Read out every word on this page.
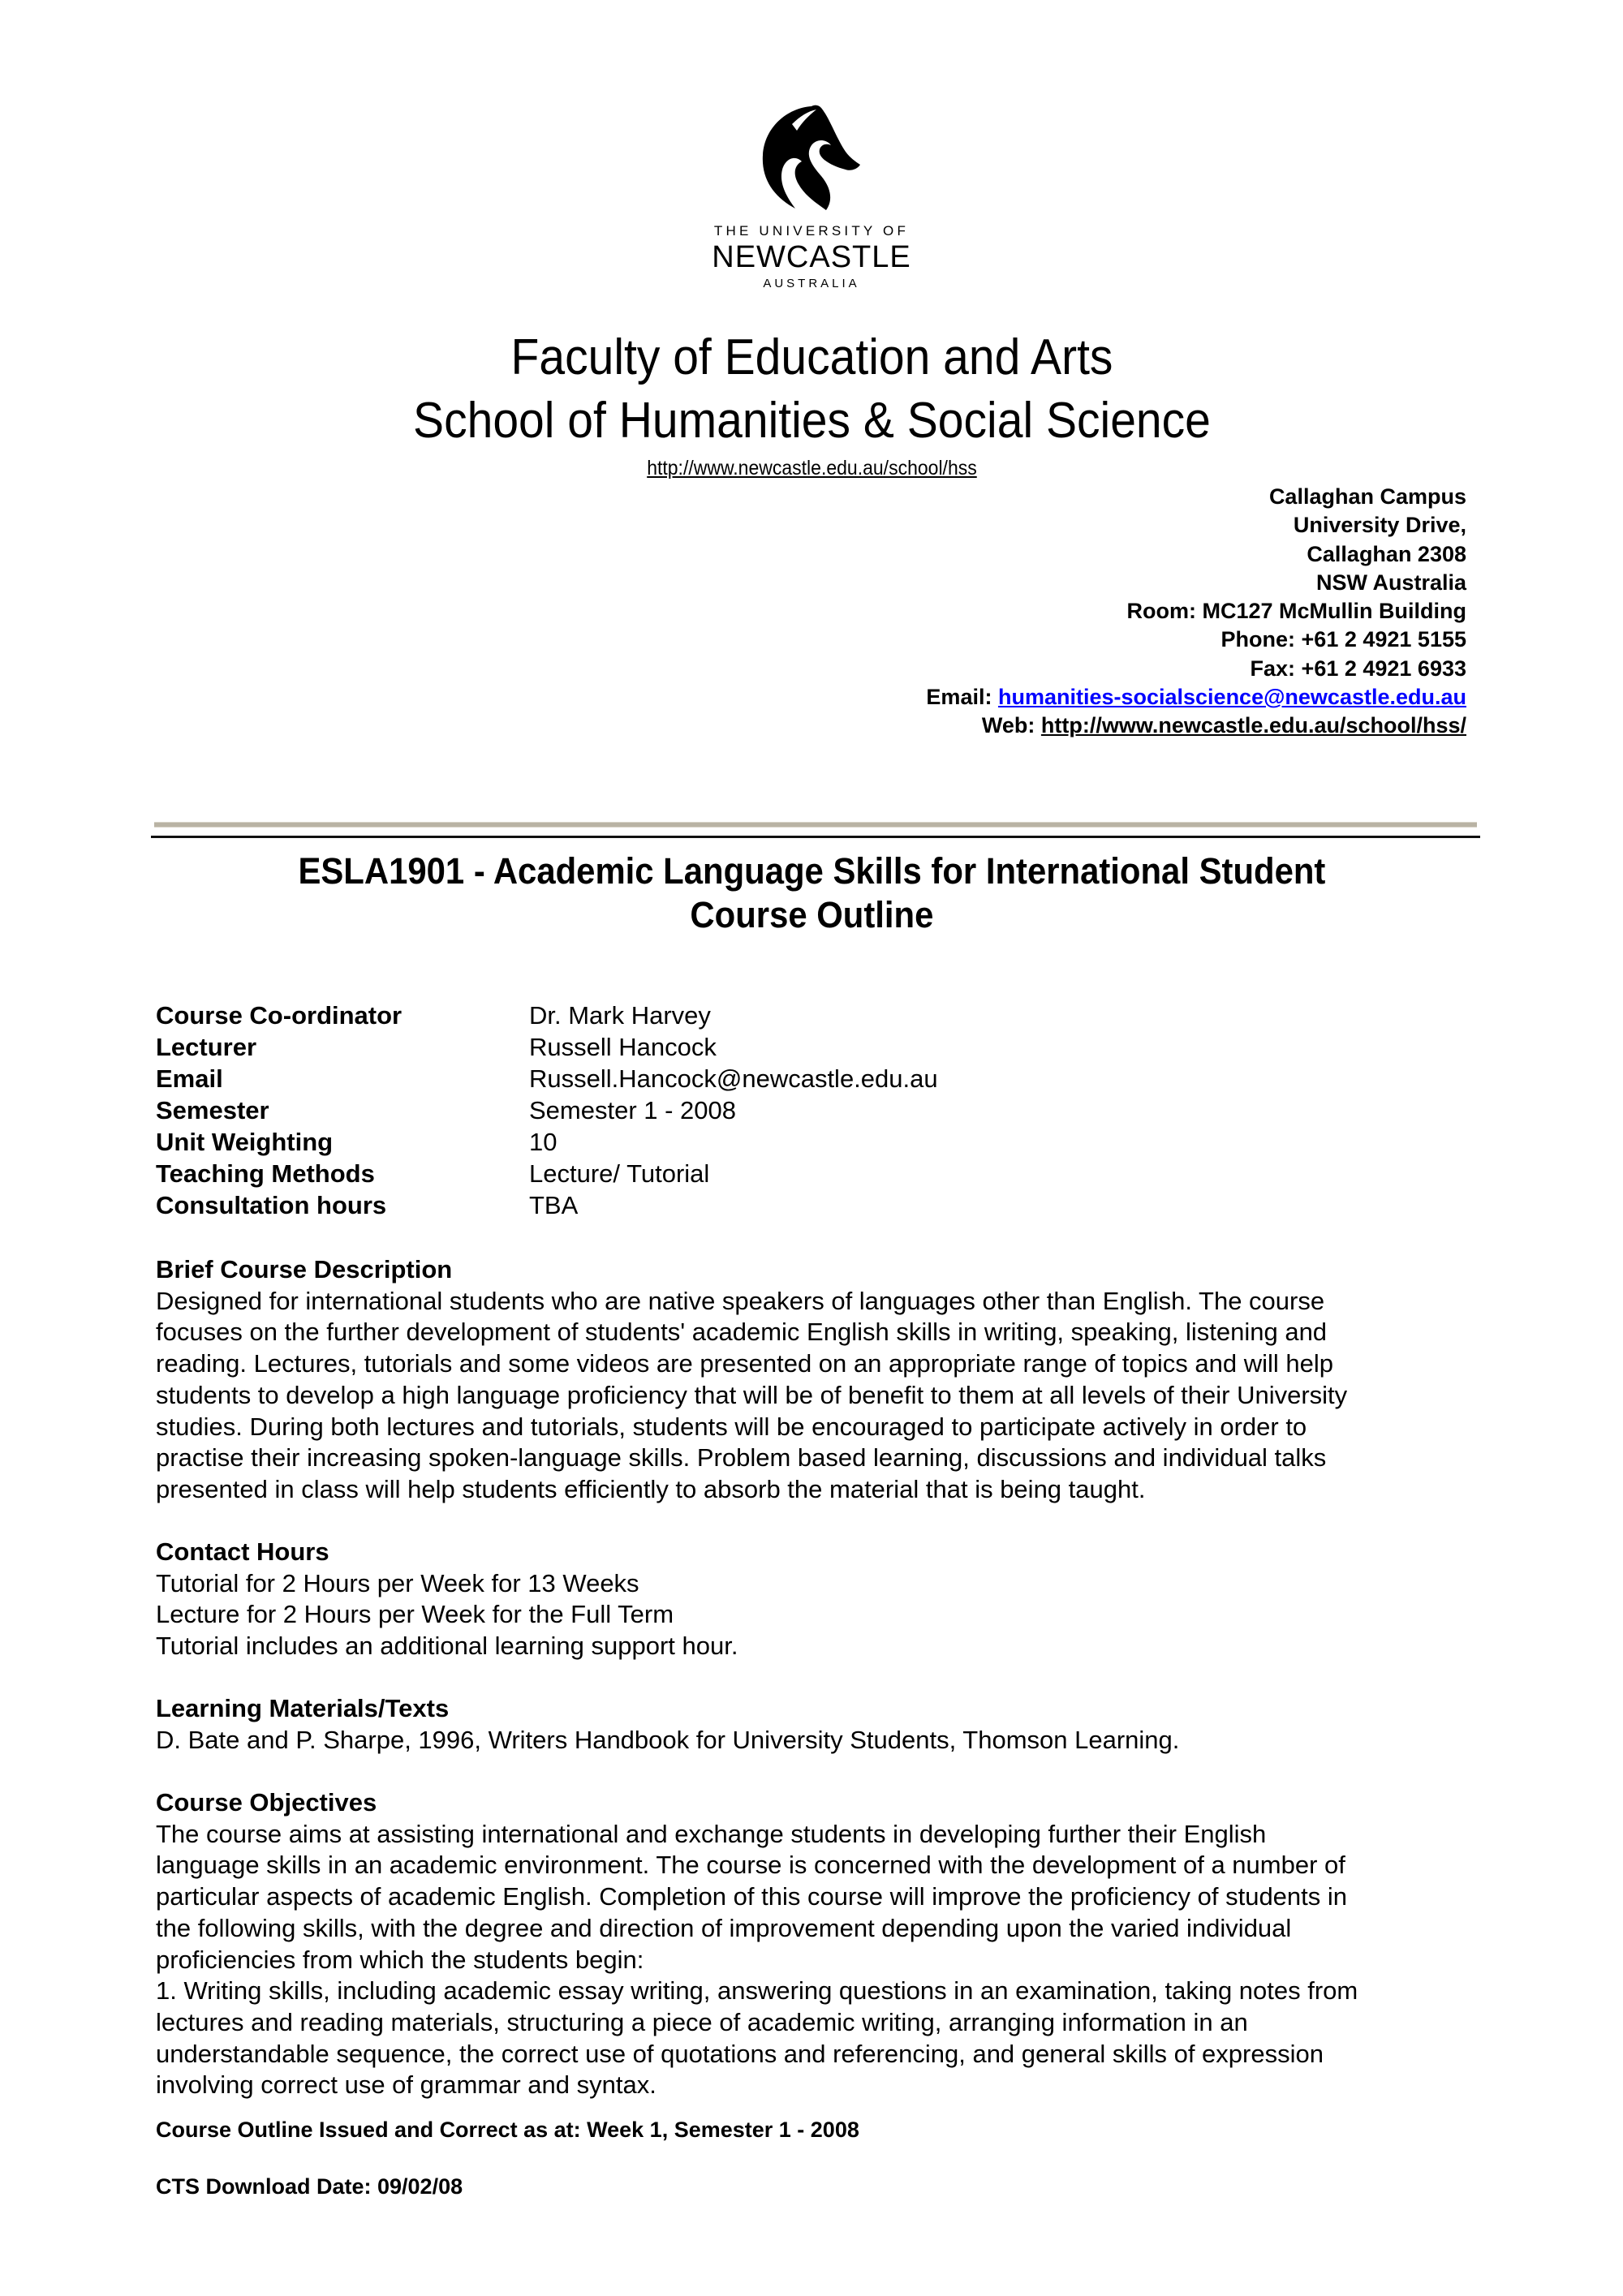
THE UNIVERSITY OF
NEWCASTLE
AUSTRALIA
Faculty of Education and Arts
School of Humanities & Social Science
http://www.newcastle.edu.au/school/hss
Callaghan Campus
University Drive,
Callaghan 2308
NSW Australia
Room: MC127 McMullin Building
Phone: +61 2 4921 5155
Fax: +61 2 4921 6933
Email: humanities-socialscience@newcastle.edu.au
Web: http://www.newcastle.edu.au/school/hss/
ESLA1901 - Academic Language Skills for International Student
Course Outline
Course Co-ordinator	Dr. Mark Harvey
Lecturer	Russell Hancock
Email	Russell.Hancock@newcastle.edu.au
Semester	Semester 1 - 2008
Unit Weighting	10
Teaching Methods	Lecture/ Tutorial
Consultation hours	TBA
Brief Course Description
Designed for international students who are native speakers of languages other than English. The course
focuses on the further development of students' academic English skills in writing, speaking, listening and
reading. Lectures, tutorials and some videos are presented on an appropriate range of topics and will help
students to develop a high language proficiency that will be of benefit to them at all levels of their University
studies. During both lectures and tutorials, students will be encouraged to participate actively in order to
practise their increasing spoken-language skills. Problem based learning, discussions and individual talks
presented in class will help students efficiently to absorb the material that is being taught.
Contact Hours
Tutorial for 2 Hours per Week for 13 Weeks
Lecture for 2 Hours per Week for the Full Term
Tutorial includes an additional learning support hour.
Learning Materials/Texts
D. Bate and P. Sharpe, 1996, Writers Handbook for University Students, Thomson Learning.
Course Objectives
The course aims at assisting international and exchange students in developing further their English
language skills in an academic environment. The course is concerned with the development of a number of
particular aspects of academic English. Completion of this course will improve the proficiency of students in
the following skills, with the degree and direction of improvement depending upon the varied individual
proficiencies from which the students begin:
1. Writing skills, including academic essay writing, answering questions in an examination, taking notes from
lectures and reading materials, structuring a piece of academic writing, arranging information in an
understandable sequence, the correct use of quotations and referencing, and general skills of expression
involving correct use of grammar and syntax.
Course Outline Issued and Correct as at: Week 1, Semester 1 - 2008
CTS Download Date: 09/02/08
